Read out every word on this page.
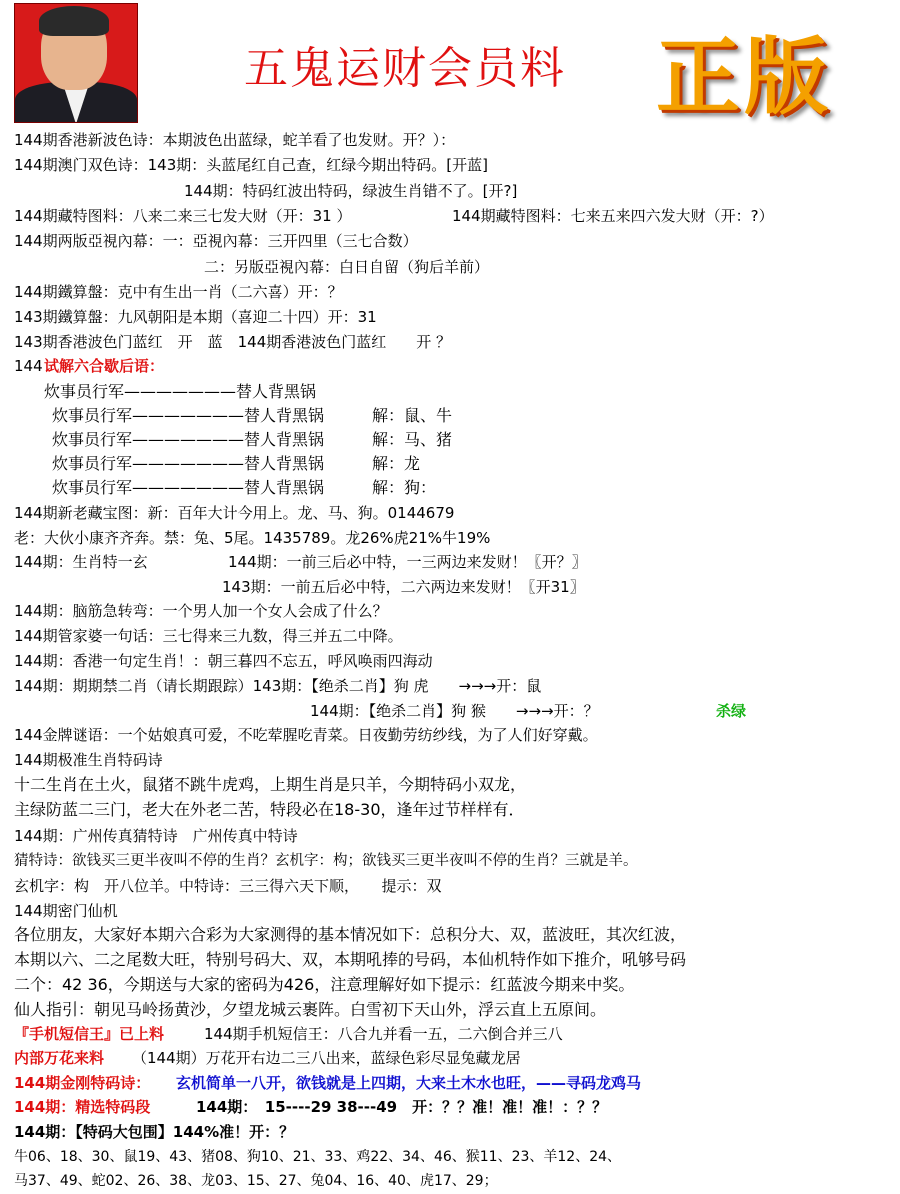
五鬼运财会员料 正版
144期香港新波色诗：本期波色出蓝绿，蛇羊看了也发财。开？）：
144期澳门双色诗：143期：头蓝尾红自己查，红绿今期出特码。[开蓝]
144期：特码红波出特码，绿波生肖错不了。[开?]
144期藏特图料：八来二来三七发大财（开：31 ）	144期藏特图料：七来五来四六发大财（开：?）
144期两版亞視內幕：一：亞視內幕：三开四里（三七合数）
二：另版亞視內幕：白日自留（狗后羊前）
144期鐵算盤：克中有生出一肖（二六喜）开：？
143期鐵算盤：九风朝阳是本期（喜迎二十四）开：31
143期香港波色门蓝红　开　蓝　144期香港波色门蓝红　　开 ？
144 试解六合歇后语：
炊事员行军———————替人背黑锅
炊事员行军———————替人背黑锅　　　解：鼠、牛
炊事员行军———————替人背黑锅　　　解：马、猪
炊事员行军———————替人背黑锅　　　解：龙
炊事员行军———————替人背黑锅　　　解：狗：
144期新老藏宝图：新：百年大计今用上。龙、马、狗。0144679
老：大伙小康齐齐奔。禁：兔、5尾。1435789。龙26%虎21%牛19%
144期：生肖特一玄	144期：一前三后必中特，一三两边来发财！〖开？〗
143期：一前五后必中特，二六两边来发财！〖开31〗
144期：脑筋急转弯：一个男人加一个女人会成了什么？
144期管家婆一句话：三七得来三九数，得三并五二中降。
144期：香港一句定生肖！：朝三暮四不忘五，呼风唤雨四海动
144期：期期禁二肖（请长期跟踪）143期：【绝杀二肖】狗 虎　　→→→开：鼠
144期：【绝杀二肖】狗 猴　　→→→开：？	杀绿
144金牌谜语：一个姑娘真可爱，不吃荤腥吃青菜。日夜勤劳纺纱线，为了人们好穿戴。
144期极准生肖特码诗
十二生肖在土火，鼠猪不跳牛虎鸡，上期生肖是只羊，今期特码小双龙，
主绿防蓝二三门，老大在外老二苦，特段必在18-30，逢年过节样样有．
144期：广州传真猜特诗　广州传真中特诗
猜特诗：欲钱买三更半夜叫不停的生肖？玄机字：构；欲钱买三更半夜叫不停的生肖？三就是羊。
玄机字：构　开八位羊。中特诗：三三得六天下顺，　　提示：双
144期密门仙机
各位朋友，大家好本期六合彩为大家测得的基本情况如下：总积分大、双，蓝波旺，其次红波，
本期以六、二之尾数大旺，特别号码大、双，本期吼捧的号码，本仙机特作如下推介，吼够号码
二个：42 36，今期送与大家的密码为426，注意理解好如下提示：红蓝波今期来中奖。
仙人指引：朝见马岭扬黄沙，夕望龙城云裹阵。白雪初下天山外，浮云直上五原间。
『手机短信王』已上料	144期手机短信王：八合九并看一五，二六倒合并三八
内部万花来料 （144期）万花开右边二三八出来，蓝绿色彩尽显兔藏龙居
144期金刚特码诗： 玄机简单一八开，欲钱就是上四期，大来土木水也旺，——寻码龙鸡马
144期：精选特码段	144期：　15----29 38---49　开：？？准！准！准！：？？
144期：【特码大包围】144%准！开：？
牛06、18、30、鼠19、43、猪08、狗10、21、33、鸡22、34、46、猴11、23、羊12、24、
马37、49、蛇02、26、38、龙03、15、27、兔04、16、40、虎17、29；
